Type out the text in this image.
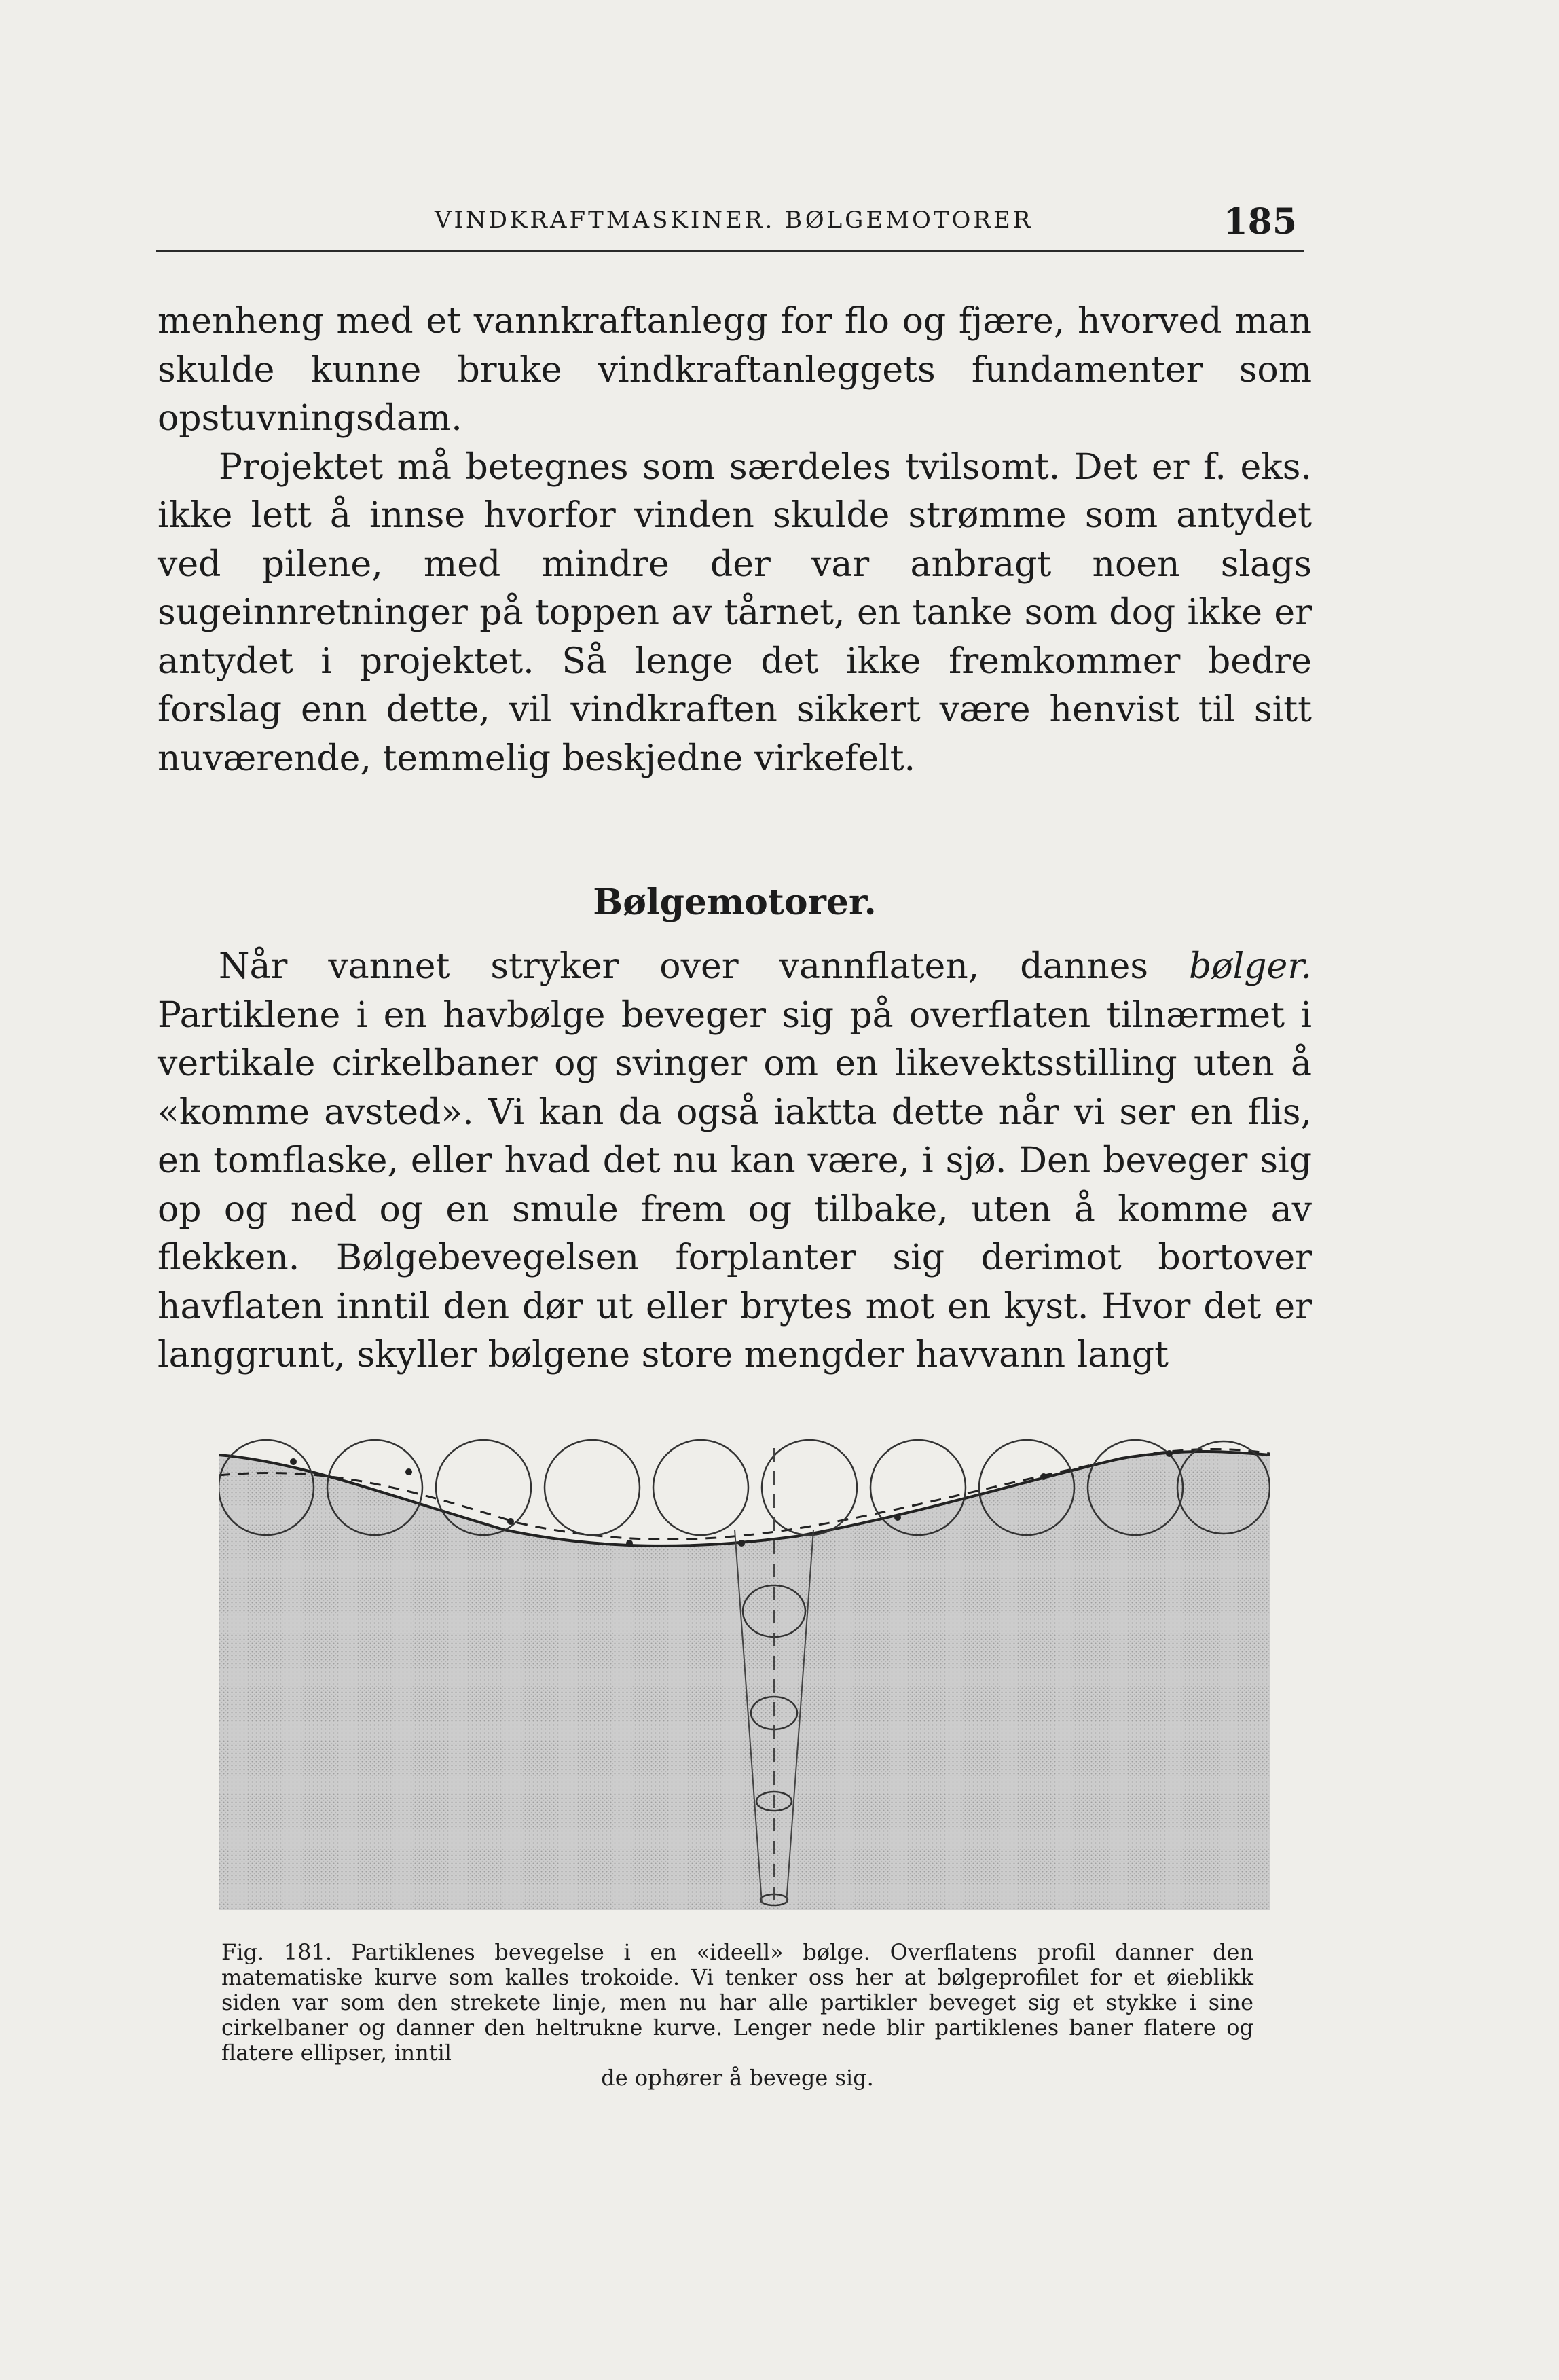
VINDKRAFTMASKINER. BØLGEMOTORER	185

menheng med et vannkraftanlegg for flo og fjære, hvorved man skulde kunne bruke vindkraftanleggets fundamenter som opstuvningsdam.

Projektet må betegnes som særdeles tvilsomt. Det er f. eks. ikke lett å innse hvorfor vinden skulde strømme som antydet ved pilene, med mindre der var anbragt noen slags sugeinnretninger på toppen av tårnet, en tanke som dog ikke er antydet i projektet. Så lenge det ikke fremkommer bedre forslag enn dette, vil vindkraften sikkert være henvist til sitt nuværende, temmelig beskjedne virkefelt.

Bølgemotorer.

Når vannet stryker over vannflaten, dannes bølger. Partiklene i en havbølge beveger sig på overflaten tilnærmet i vertikale cirkelbaner og svinger om en likevektsstilling uten å «komme avsted». Vi kan da også iaktta dette når vi ser en flis, en tomflaske, eller hvad det nu kan være, i sjø. Den beveger sig op og ned og en smule frem og tilbake, uten å komme av flekken. Bølgebevegelsen forplanter sig derimot bortover havflaten inntil den dør ut eller brytes mot en kyst. Hvor det er langgrunt, skyller bølgene store mengder havvann langt

Fig. 181. Partiklenes bevegelse i en «ideell» bølge. Overflatens profil danner den matematiske kurve som kalles trokoide. Vi tenker oss her at bølgeprofilet for et øieblikk siden var som den strekete linje, men nu har alle partikler beveget sig et stykke i sine cirkelbaner og danner den heltrukne kurve. Lenger nede blir partiklenes baner flatere og flatere ellipser, inntil
de ophører å bevege sig.
